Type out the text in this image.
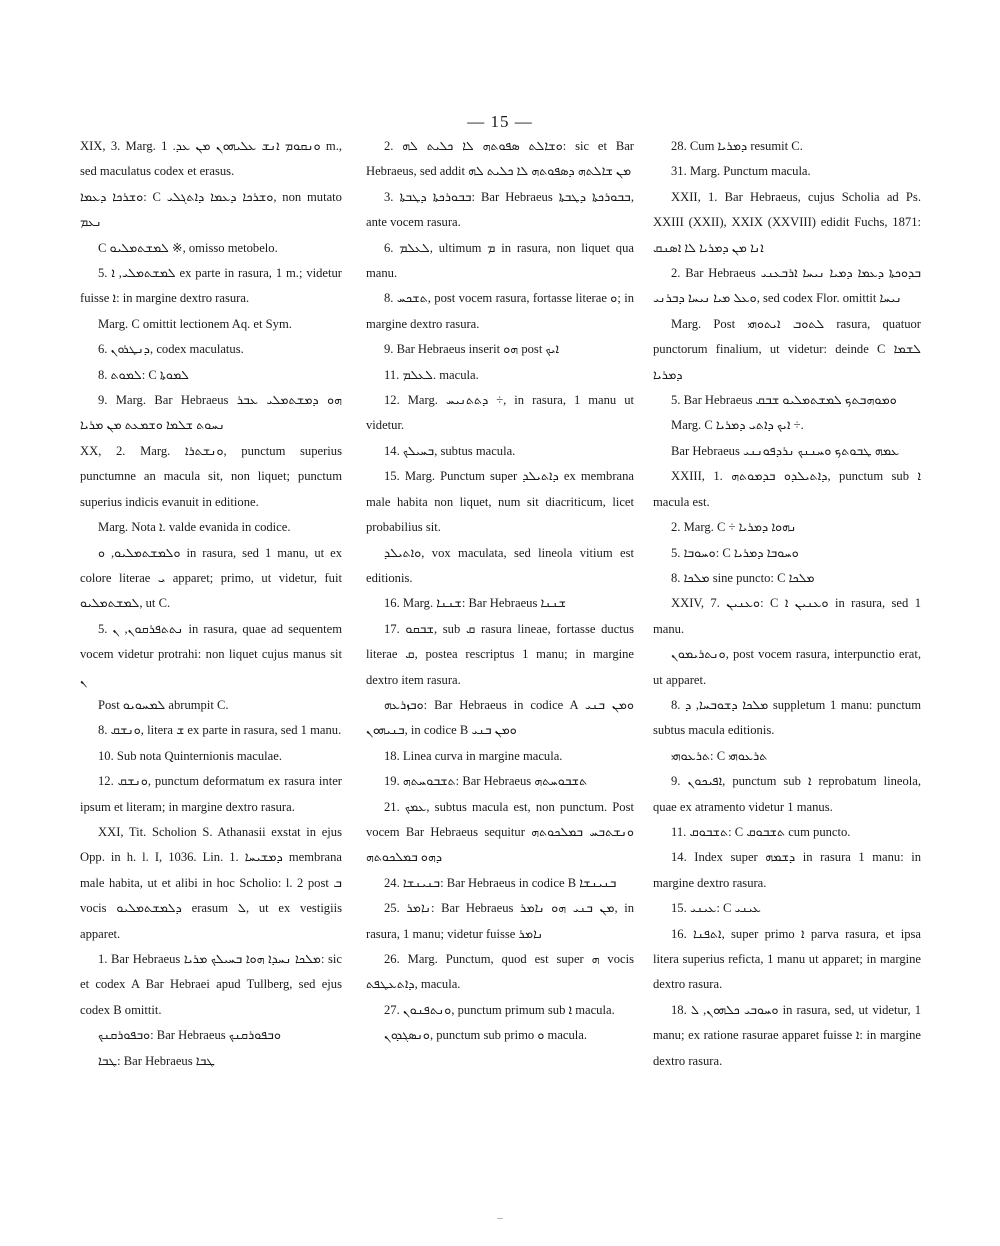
— 15 —

XIX, 3. Marg. ܘܢܩܘܡ ܐܢܫ ܥܠܝܗܘܢ ܡܢ ܥܕ. 1 m., sed maculatus codex et erasus.

ܘܫܪܟܐ ܕܥܡܐ: C ܘܫܪܟܐ ܕܥܡܐ ܕܐܬܓܠܝ, non mutato ܢܥܡ

C ܠܡܫܬܡܠܝܘ ※, omisso metobelo.

5. ܠܡܫܬܡܠܝ, ܐ ex parte in rasura, 1 m.; videtur fuisse ܐ: in margine dextro rasura.

Marg. C omittit lectionem Aq. et Sym.

6. ܕܢܛܪܘܢ, codex maculatus.

8. ܠܡܘܬ: C ܠܡܘܬܐ

9. Marg. Bar Hebraeus ܗܘ ܕܡܫܬܡܠܝ ܥܒܪ ܢܚܘܬ ܫܠܡܐ ܘܫܡܥܬ ܡܢ ܡܪܝܐ

XX, 2. Marg. ܘܢܫܬܪܐ, punctum superius punctumne an macula sit, non liquet; punctum superius indicis evanuit in editione.

Marg. Nota ܐ. valde evanida in codice.

ܘܠܡܫܬܡܠܝܘ, ܘ in rasura, sed 1 manu, ut ex colore literae ܝ apparet; primo, ut videtur, fuit ܠܡܫܬܡܠܝܘ, ut C.

5. ܢܬܬܦܪܩܘܢ, ܢ in rasura, quae ad sequentem vocem videtur protrahi: non liquet cujus manus sit ܢ

Post ܠܡܚܘܝܘ abrumpit C.

8. ܘܢܫܩ, litera ܫ ex parte in rasura, sed 1 manu.

10. Sub nota Quinternionis maculae.

12. ܘܢܫܩ, punctum deformatum ex rasura inter ipsum et literam; in margine dextro rasura.

XXI, Tit. Scholion S. Athanasii exstat in ejus Opp. in h. l. I, 1036. Lin. 1. ܕܡܫܝܚܐ membrana male habita, ut et alibi in hoc Scholio: l. 2 post ܒ vocis ܕܠܡܫܬܡܠܝܘ erasum ܠ, ut ex vestigiis apparet.

1. Bar Hebraeus ܡܠܟܐ ܢܚܕܐ ܗܘܐ ܒܚܝܠܟ ܡܪܝܐ: sic et codex A Bar Hebraei apud Tullberg, sed ejus codex B omittit.

ܘܒܦܘܪܩܢܟ: Bar Hebraeus ܘܒܦܘܪܩܢܟ

ܛܒܐ: Bar Hebraeus ܛܒܐ

2. ܘܫܐܠܬ ܣܦܘܬܗ ܠܐ ܟܠܝܬ ܠܗ: sic et Bar Hebraeus, sed addit ܡܢ ܫܐܠܬܗ ܕܣܦܘܬܗ ܠܐ ܟܠܝܬ ܠܗ

3. ܒܒܘܪܟܬܐ ܕܛܒܬܐ: Bar Hebraeus ܒܒܘܪܟܬܐ ܕܛܒܬܐ, ante vocem rasura.

6. ܠܥܠܡ, ultimum ܡ in rasura, non liquet qua manu.

8. ܬܫܟܚ, post vocem rasura, fortasse literae ܘ; in margine dextro rasura.

9. Bar Hebraeus inserit ܗܘ post ܐܝܟ

11. ܠܥܠܡ. macula.

12. Marg. ܕܬܬܢܝܚ ÷, in rasura, 1 manu ut videtur.

14. ܒܚܝܠܟ, subtus macula.

15. Marg. Punctum super ܕܐܬܝܠܕ ex membrana male habita non liquet, num sit diacriticum, licet probabilius sit.

ܘܐܬܝܠܕ, vox maculata, sed lineola vitium est editionis.

16. Marg. ܫܢܢܐ: Bar Hebraeus ܫܢܢܐ

17. ܫܒܩܘ, sub ܩ rasura lineae, fortasse ductus literae ܩ, postea rescriptus 1 manu; in margine dextro item rasura.

ܘܒܙܪܥܗ: Bar Hebraeus in codice A ܘܡܢ ܒܢܝ ܒܢܝܗܘܢ, in codice B ܘܡܢ ܒܢܝ

18. Linea curva in margine macula.

19. ܬܫܒܘܚܬܗ: Bar Hebraeus ܬܫܒܘܚܬܗ

21. ܥܡܟ, subtus macula est, non punctum. Post vocem Bar Hebraeus sequitur ܘܢܫܬܒܚ ܒܡܠܟܘܬܗ ܕܗܘ ܒܡܠܟܘܬܗ

24. ܒܢܝܢܫܐ: Bar Hebraeus in codice B ܒܢܝܢܫܐ

25. ܢܐܡܪ: Bar Hebraeus ܡܢ ܒܢܝ ܗܘ ܢܐܡܪ, in rasura, 1 manu; videtur fuisse ܢܐܡܪ

26. Marg. Punctum, quod est super ܗ vocis ܕܐܬܥܛܦܬ, macula.

27. ܘܢܬܦܢܘܢ, punctum primum sub ܐ macula.

ܘܢܣܓܕܘܢ, punctum sub primo ܘ macula.

28. Cum ܕܡܪܝܐ resumit C.

31. Marg. Punctum macula.

XXII, 1. Bar Hebraeus, cujus Scholia ad Ps. XXIII (XXII), XXIX (XXVIII) edidit Fuchs, 1871: ܐܢܐ ܡܢ ܕܡܪܝܐ ܠܐ ܐܣܢܩ

2. Bar Hebraeus ܒܕܘܟܬܐ ܕܥܡܐ ܕܡܝܐ ܢܝܚܐ ܐܪܒܥܢܝ ܘܥܠ ܡܝܐ ܢܝܚܐ ܕܒܪܢܝ, sed codex Flor. omittit ܢܝܚܐ

Marg. Post ܠܬܘܒ ܐܝܬܘܗܝ rasura, quatuor punctorum finalium, ut videtur: deinde C ܠܫܡܐ ܕܡܪܝܐ

5. Bar Hebraeus ܘܡܘܗܒܬܟ ܠܡܫܬܡܠܝܘ ܫܒܩ

Marg. C ܐܝܟ ܕܐܬܝ ܕܡܪܝܐ ÷.

Bar Hebraeus ܥܡܗ ܛܒܘܬܟ ܘܚܢܢܟ ܢܪܕܦܘܢܢܝ

XXIII, 1. ܕܐܬܝܠܕܘ ܒܕܡܘܬܗ, punctum sub ܐ macula est.

2. Marg. C ÷ ܢܗܘܐ ܕܡܪܝܐ

5. ܘܚܘܒܐ: C ܘܚܘܒܐ ܕܡܪܝܐ

8. ܡܠܟܐ sine puncto: C ܡܠܟܐ

XXIV, 7. ܘܥܢܝܢ: C ܘܥܢܝܢ ܐ in rasura, sed 1 manu.

ܘܢܬܪܝܡܘܢ, post vocem rasura, interpunctio erat, ut apparet.

8. ܡܠܟܐ ܕܫܘܒܚܐ, ܕ suppletum 1 manu: punctum subtus macula editionis.

ܬܪܥܘܗܝ: C ܬܪܥܘܗܝ

9. ܐܦܝܟܘܢ, punctum sub ܐ reprobatum lineola, quae ex atramento videtur 1 manus.

11. ܬܫܒܘܩ: C ܬܫܒܘܩ cum puncto.

14. Index super ܕܫܡܗ in rasura 1 manu: in margine dextro rasura.

15. ܥܝܢܝ: C ܥܝܢܝ

16. ܐܬܦܢܐ, super primo ܐ parva rasura, et ipsa litera superius reficta, 1 manu ut apparet; in margine dextro rasura.

18. ܘܚܘܒܝ ܟܠܗܘܢ, ܠ in rasura, sed, ut videtur, 1 manu; ex ratione rasurae apparet fuisse ܐ: in margine dextro rasura.
